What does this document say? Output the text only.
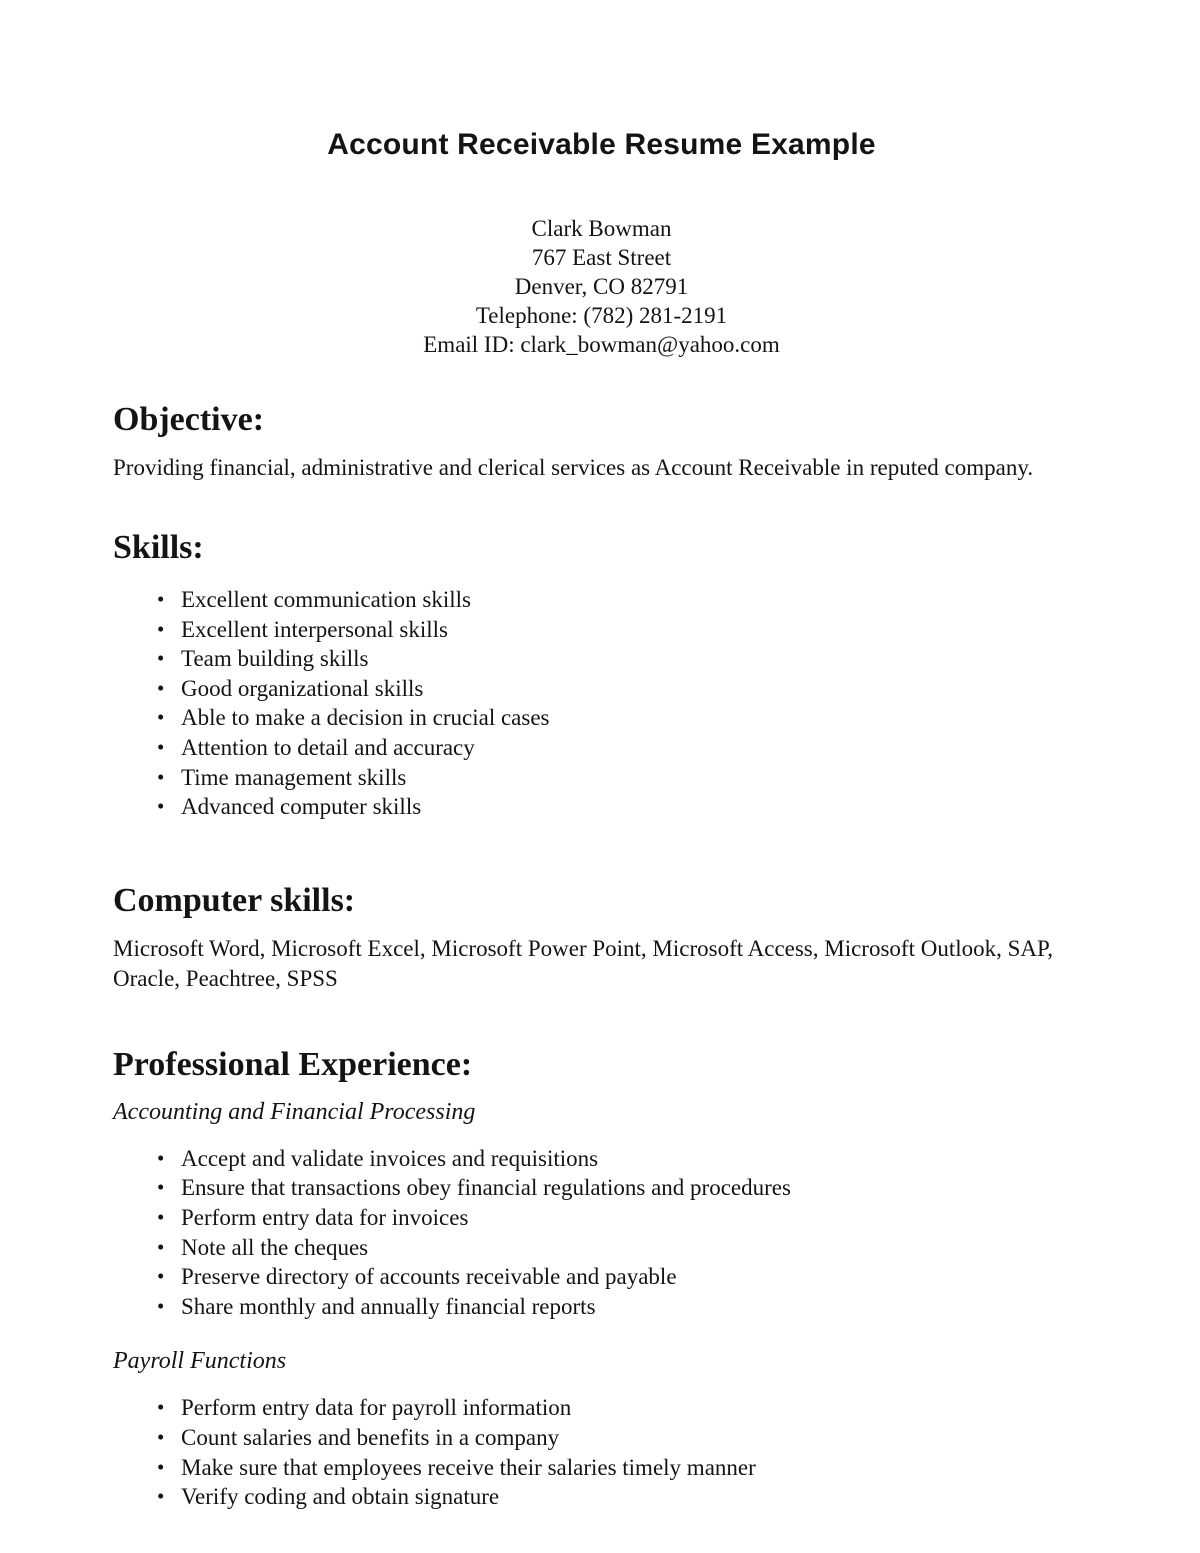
Account Receivable Resume Example
Clark Bowman
767 East Street
Denver, CO 82791
Telephone: (782) 281-2191
Email ID: clark_bowman@yahoo.com
Objective:

Providing financial, administrative and clerical services as Account Receivable in reputed company.

Skills:
• Excellent communication skills
• Excellent interpersonal skills
• Team building skills
• Good organizational skills
• Able to make a decision in crucial cases
• Attention to detail and accuracy
• Time management skills
• Advanced computer skills
Computer skills:

Microsoft Word, Microsoft Excel, Microsoft Power Point, Microsoft Access, Microsoft Outlook, SAP, Oracle, Peachtree, SPSS

Professional Experience:

Accounting and Financial Processing

• Accept and validate invoices and requisitions
• Ensure that transactions obey financial regulations and procedures
• Perform entry data for invoices
• Note all the cheques
• Preserve directory of accounts receivable and payable
• Share monthly and annually financial reports

Payroll Functions

• Perform entry data for payroll information
• Count salaries and benefits in a company
• Make sure that employees receive their salaries timely manner
• Verify coding and obtain signature
